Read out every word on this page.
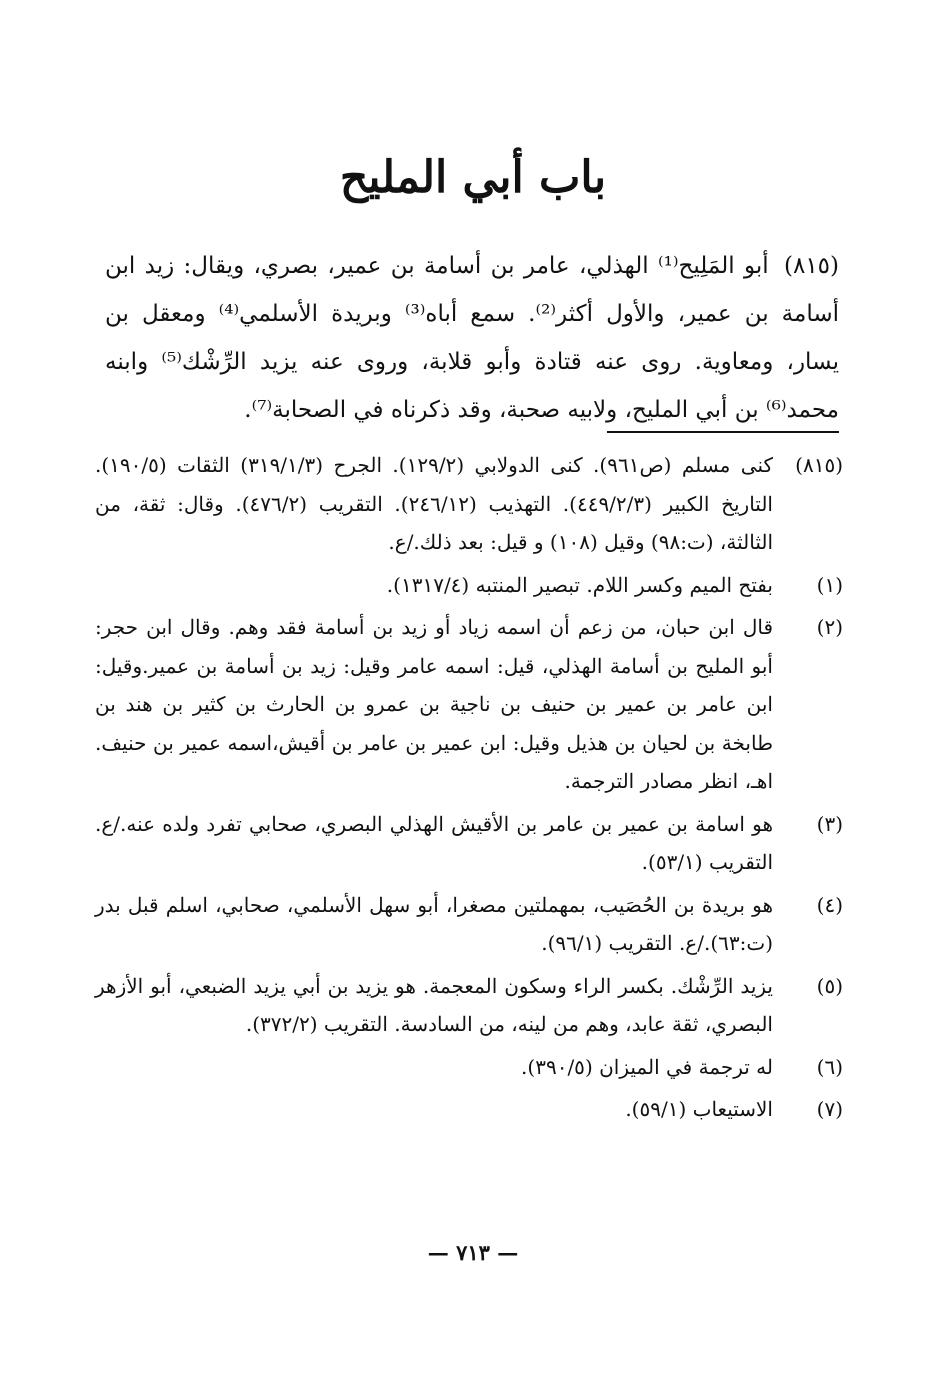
باب أبي المليح

(٨١٥) أبو المَلِيح⁽¹⁾ الهذلي، عامر بن أسامة بن عمير، بصري، ويقال: زيد ابن أسامة بن عمير، والأول أكثر⁽²⁾. سمع أباه⁽³⁾ وبريدة الأسلمي⁽⁴⁾ ومعقل بن يسار، ومعاوية. روى عنه قتادة وأبو قلابة، وروى عنه يزيد الرِّشْك⁽⁵⁾ وابنه محمد⁽⁶⁾ بن أبي المليح، ولابيه صحبة، وقد ذكرناه في الصحابة⁽⁷⁾.

(٨١٥)
كنى مسلم (ص٩٦١). كنى الدولابي (١٢٩/٢). الجرح (٣١٩/١/٣) الثقات (١٩٠/٥). التاريخ الكبير (٤٤٩/٢/٣). التهذيب (٢٤٦/١٢). التقريب (٤٧٦/٢). وقال: ثقة، من الثالثة، (ت:٩٨) وقيل (١٠٨) و قيل: بعد ذلك./ع.
(١)
بفتح الميم وكسر اللام. تبصير المنتبه (١٣١٧/٤).
(٢)
قال ابن حبان، من زعم أن اسمه زياد أو زيد بن أسامة فقد وهم. وقال ابن حجر: أبو المليح بن أسامة الهذلي، قيل: اسمه عامر وقيل: زيد بن أسامة بن عمير.وقيل: ابن عامر بن عمير بن حنيف بن ناجية بن عمرو بن الحارث بن كثير بن هند بن طابخة بن لحيان بن هذيل وقيل: ابن عمير بن عامر بن أقيش،اسمه عمير بن حنيف. اهـ، انظر مصادر الترجمة.
(٣)
هو اسامة بن عمير بن عامر بن الأقيش الهذلي البصري، صحابي تفرد ولده عنه./ع. التقريب (٥٣/١).
(٤)
هو بريدة بن الحُصَيب، بمهملتين مصغرا، أبو سهل الأسلمي، صحابي، اسلم قبل بدر (ت:٦٣)./ع. التقريب (٩٦/١).
(٥)
يزيد الرِّشْك. بكسر الراء وسكون المعجمة. هو يزيد بن أبي يزيد الضبعي، أبو الأزهر البصري، ثقة عابد، وهم من لينه، من السادسة. التقريب (٣٧٢/٢).
(٦)
له ترجمة في الميزان (٣٩٠/٥).
(٧)
الاستيعاب (٥٩/١).
— ٧١٣ —
